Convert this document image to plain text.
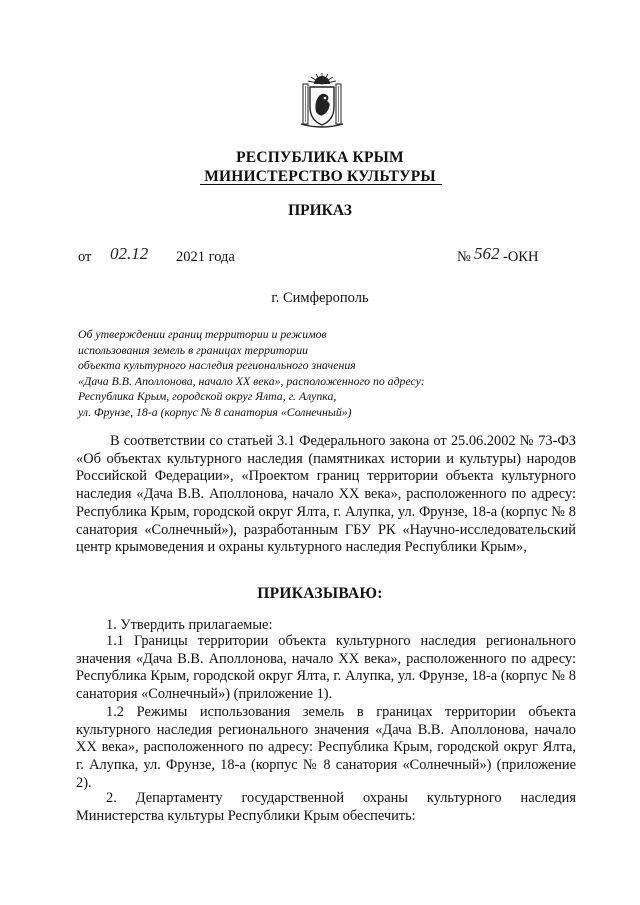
РЕСПУБЛИКА КРЫМ
МИНИСТЕРСТВО КУЛЬТУРЫ
ПРИКАЗ
от 02.12 2021 года	№ 562 -ОКН
г. Симферополь
Об утверждении границ территории и режимов
использования земель в границах территории
объекта культурного наследия регионального значения
«Дача В.В. Аполлонова, начало XX века», расположенного по адресу:
Республика Крым, городской округ Ялта, г. Алупка,
ул. Фрунзе, 18-а (корпус № 8 санатория «Солнечный»)
В соответствии со статьей 3.1 Федерального закона от 25.06.2002 № 73-ФЗ «Об объектах культурного наследия (памятниках истории и культуры) народов Российской Федерации», «Проектом границ территории объекта культурного наследия «Дача В.В. Аполлонова, начало XX века», расположенного по адресу: Республика Крым, городской округ Ялта, г. Алупка, ул. Фрунзе, 18-а (корпус № 8 санатория «Солнечный»), разработанным ГБУ РК «Научно-исследовательский центр крымоведения и охраны культурного наследия Республики Крым»,
ПРИКАЗЫВАЮ:
1. Утвердить прилагаемые:
1.1 Границы территории объекта культурного наследия регионального значения «Дача В.В. Аполлонова, начало XX века», расположенного по адресу: Республика Крым, городской округ Ялта, г. Алупка, ул. Фрунзе, 18-а (корпус № 8 санатория «Солнечный») (приложение 1).
1.2 Режимы использования земель в границах территории объекта культурного наследия регионального значения «Дача В.В. Аполлонова, начало XX века», расположенного по адресу: Республика Крым, городской округ Ялта, г. Алупка, ул. Фрунзе, 18-а (корпус № 8 санатория «Солнечный») (приложение 2).
2. Департаменту государственной охраны культурного наследия Министерства культуры Республики Крым обеспечить:
